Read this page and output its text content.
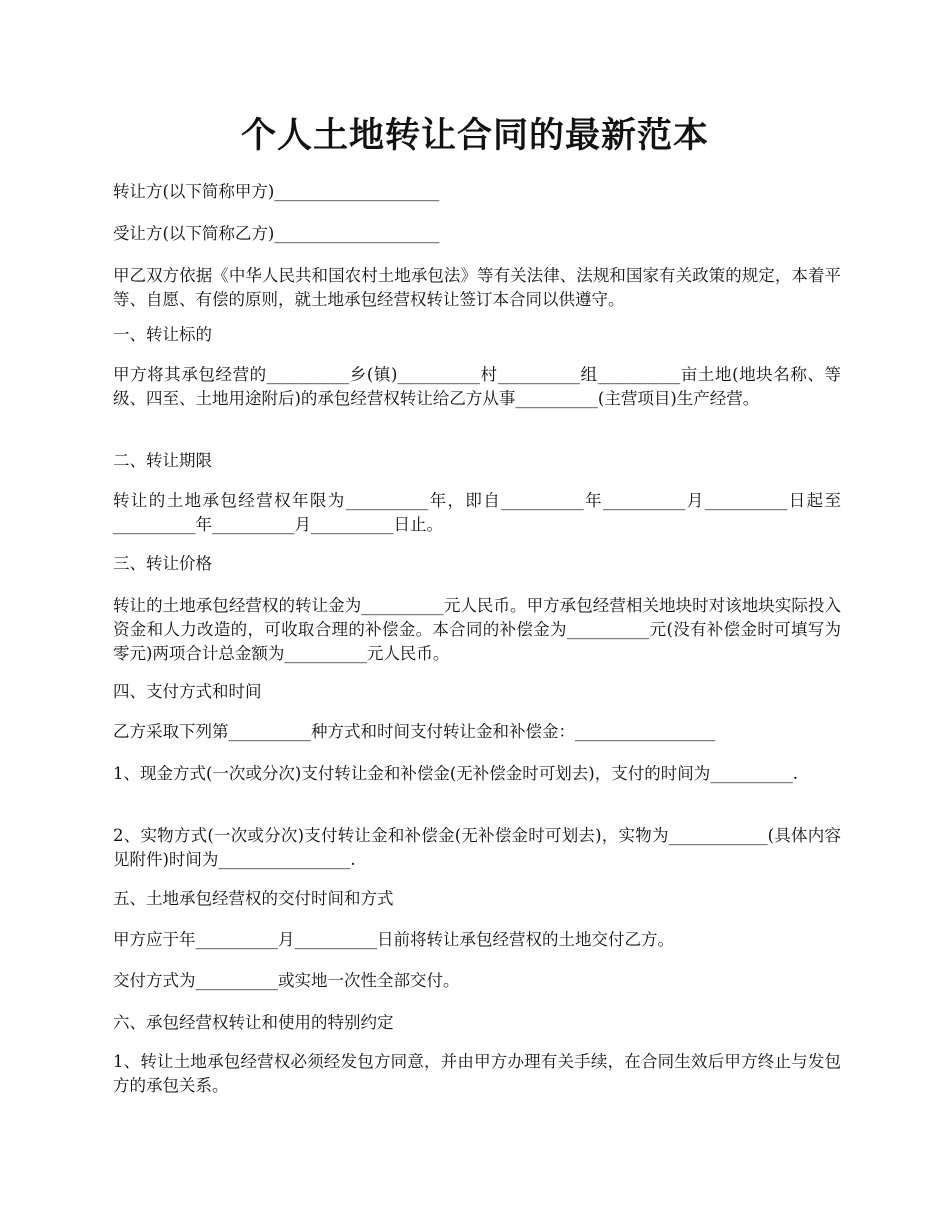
个人土地转让合同的最新范本

转让方(以下简称甲方)____________________

受让方(以下简称乙方)____________________

甲乙双方依据《中华人民共和国农村土地承包法》等有关法律、法规和国家有关政策的规定，本着平等、自愿、有偿的原则，就土地承包经营权转让签订本合同以供遵守。

一、转让标的

甲方将其承包经营的__________乡(镇)__________村__________组__________亩土地(地块名称、等级、四至、土地用途附后)的承包经营权转让给乙方从事__________(主营项目)生产经营。

二、转让期限

转让的土地承包经营权年限为__________年，即自__________年__________月__________日起至__________年__________月__________日止。

三、转让价格

转让的土地承包经营权的转让金为__________元人民币。甲方承包经营相关地块时对该地块实际投入资金和人力改造的，可收取合理的补偿金。本合同的补偿金为__________元(没有补偿金时可填写为零元)两项合计总金额为__________元人民币。

四、支付方式和时间

乙方采取下列第__________种方式和时间支付转让金和补偿金：_________________

1、现金方式(一次或分次)支付转让金和补偿金(无补偿金时可划去)，支付的时间为__________.

2、实物方式(一次或分次)支付转让金和补偿金(无补偿金时可划去)，实物为____________(具体内容见附件)时间为________________.

五、土地承包经营权的交付时间和方式

甲方应于年__________月__________日前将转让承包经营权的土地交付乙方。

交付方式为__________或实地一次性全部交付。

六、承包经营权转让和使用的特别约定

1、转让土地承包经营权必须经发包方同意，并由甲方办理有关手续，在合同生效后甲方终止与发包方的承包关系。
